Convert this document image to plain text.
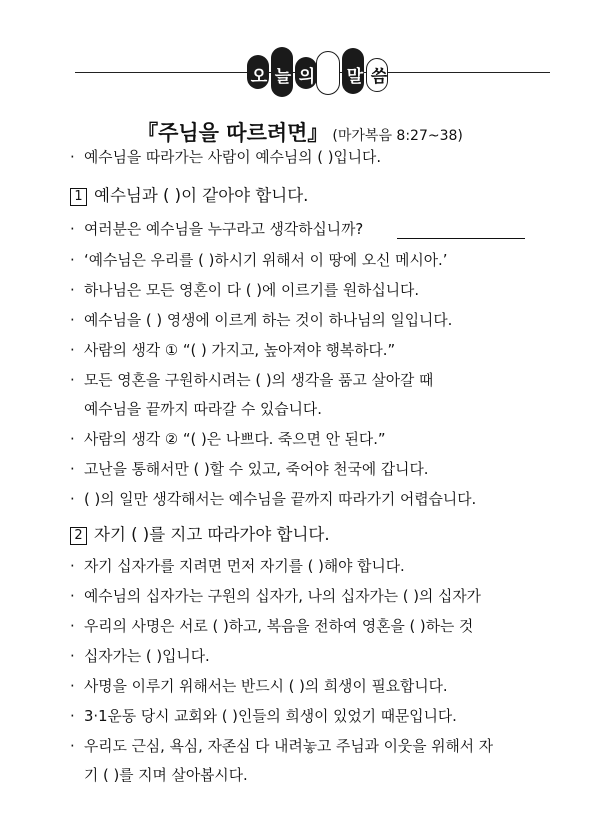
오 늘 의 말 씀
『주님을 따르려면』 (마가복음 8:27~38)
· 예수님을 따라가는 사람이 예수님의 ( )입니다.
1 예수님과 ( )이 같아야 합니다.
· 여러분은 예수님을 누구라고 생각하십니까?
· ‘예수님은 우리를 ( )하시기 위해서 이 땅에 오신 메시아.’
· 하나님은 모든 영혼이 다 ( )에 이르기를 원하십니다.
· 예수님을 ( ) 영생에 이르게 하는 것이 하나님의 일입니다.
· 사람의 생각 ① “( ) 가지고, 높아져야 행복하다.”
· 모든 영혼을 구원하시려는 ( )의 생각을 품고 살아갈 때
예수님을 끝까지 따라갈 수 있습니다.
· 사람의 생각 ② “( )은 나쁘다. 죽으면 안 된다.”
· 고난을 통해서만 ( )할 수 있고, 죽어야 천국에 갑니다.
· ( )의 일만 생각해서는 예수님을 끝까지 따라가기 어렵습니다.
2 자기 ( )를 지고 따라가야 합니다.
· 자기 십자가를 지려면 먼저 자기를 ( )해야 합니다.
· 예수님의 십자가는 구원의 십자가, 나의 십자가는 ( )의 십자가
· 우리의 사명은 서로 ( )하고, 복음을 전하여 영혼을 ( )하는 것
· 십자가는 ( )입니다.
· 사명을 이루기 위해서는 반드시 ( )의 희생이 필요합니다.
· 3·1운동 당시 교회와 ( )인들의 희생이 있었기 때문입니다.
· 우리도 근심, 욕심, 자존심 다 내려놓고 주님과 이웃을 위해서 자
기 ( )를 지며 살아봅시다.
